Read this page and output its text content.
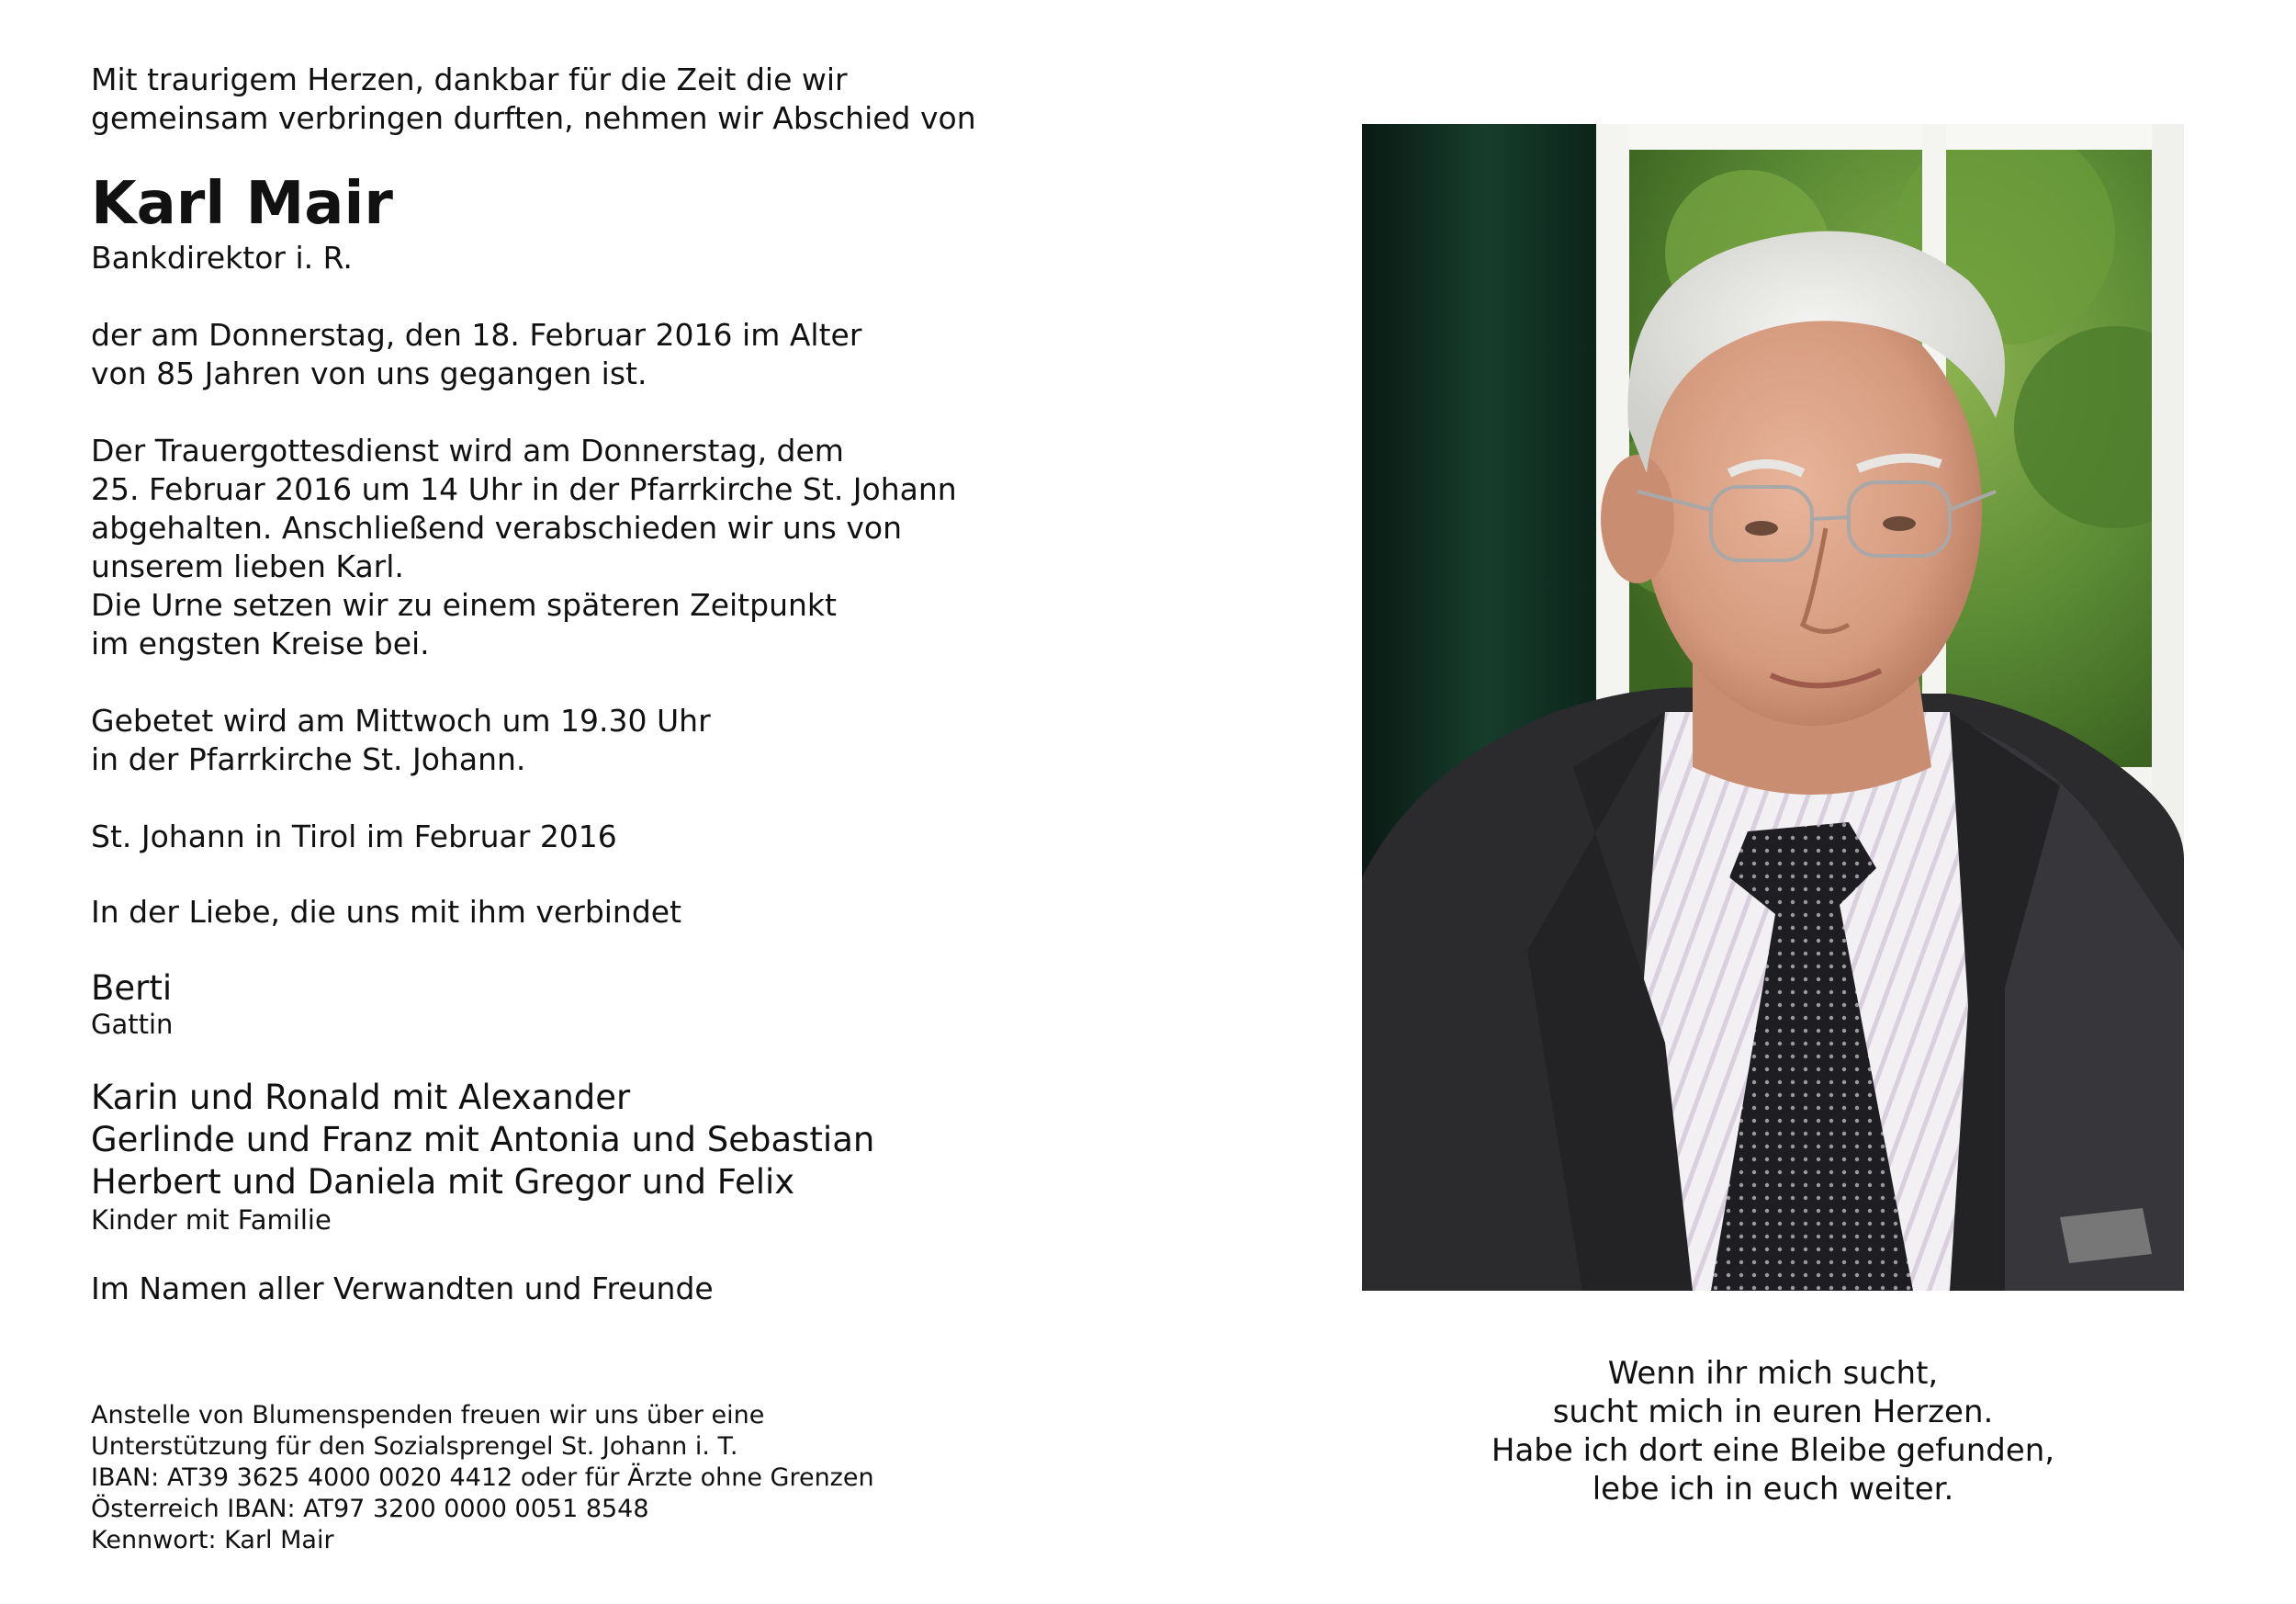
Mit traurigem Herzen, dankbar für die Zeit die wir
gemeinsam verbringen durften, nehmen wir Abschied von
Karl Mair
Bankdirektor i. R.
der am Donnerstag, den 18. Februar 2016 im Alter
von 85 Jahren von uns gegangen ist.
Der Trauergottesdienst wird am Donnerstag, dem
25. Februar 2016 um 14 Uhr in der Pfarrkirche St. Johann
abgehalten. Anschließend verabschieden wir uns von
unserem lieben Karl.
Die Urne setzen wir zu einem späteren Zeitpunkt
im engsten Kreise bei.
Gebetet wird am Mittwoch um 19.30 Uhr
in der Pfarrkirche St. Johann.
St. Johann in Tirol im Februar 2016
In der Liebe, die uns mit ihm verbindet
Berti
Gattin
Karin und Ronald mit Alexander
Gerlinde und Franz mit Antonia und Sebastian
Herbert und Daniela mit Gregor und Felix
Kinder mit Familie
Im Namen aller Verwandten und Freunde
Anstelle von Blumenspenden freuen wir uns über eine
Unterstützung für den Sozialsprengel St. Johann i. T.
IBAN: AT39 3625 4000 0020 4412 oder für Ärzte ohne Grenzen
Österreich IBAN: AT97 3200 0000 0051 8548
Kennwort: Karl Mair
Wenn ihr mich sucht,
sucht mich in euren Herzen.
Habe ich dort eine Bleibe gefunden,
lebe ich in euch weiter.
